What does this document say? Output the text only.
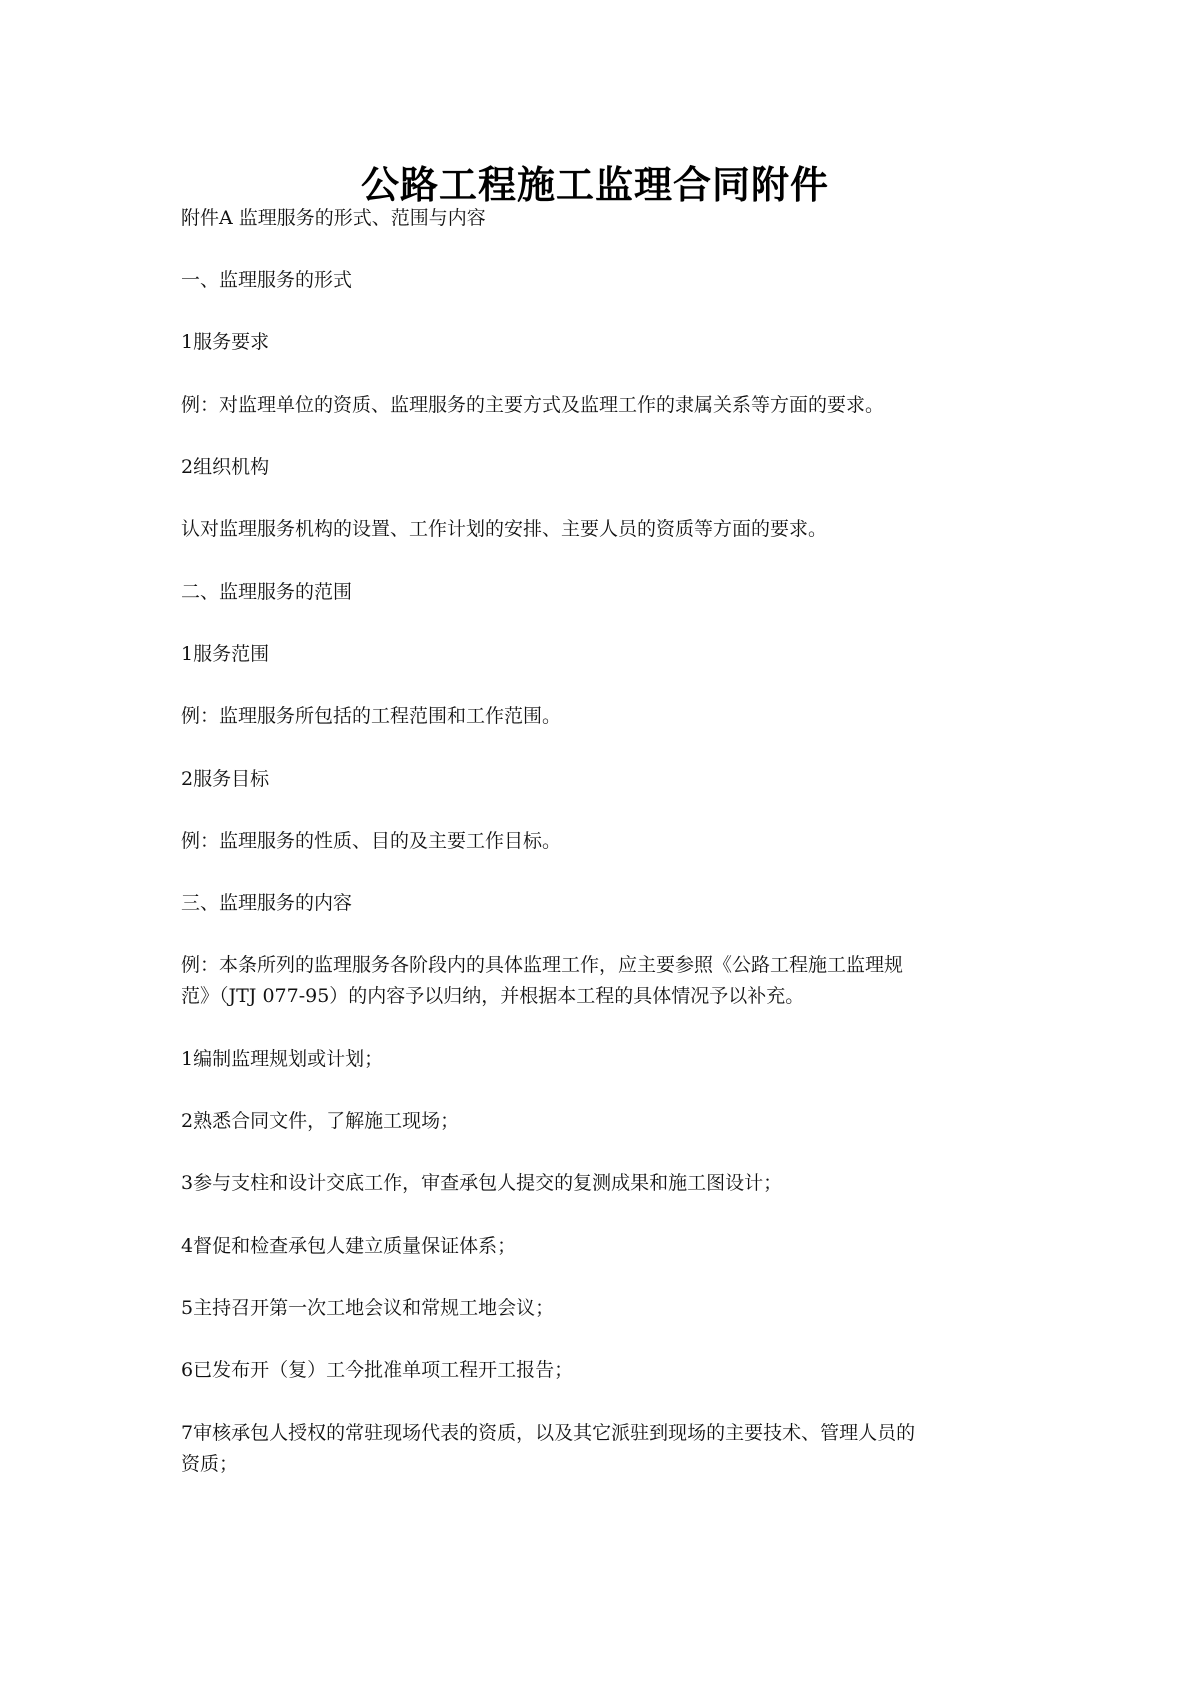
公路工程施工监理合同附件
附件A 监理服务的形式、范围与内容
一、监理服务的形式
1服务要求
例：对监理单位的资质、监理服务的主要方式及监理工作的隶属关系等方面的要求。
2组织机构
认对监理服务机构的设置、工作计划的安排、主要人员的资质等方面的要求。
二、监理服务的范围
1服务范围
例：监理服务所包括的工程范围和工作范围。
2服务目标
例：监理服务的性质、目的及主要工作目标。
三、监理服务的内容
例：本条所列的监理服务各阶段内的具体监理工作，应主要参照《公路工程施工监理规
范》（JTJ 077-95）的内容予以归纳，并根据本工程的具体情况予以补充。
1编制监理规划或计划；
2熟悉合同文件，了解施工现场；
3参与支柱和设计交底工作，审查承包人提交的复测成果和施工图设计；
4督促和检查承包人建立质量保证体系；
5主持召开第一次工地会议和常规工地会议；
6已发布开（复）工今批准单项工程开工报告；
7审核承包人授权的常驻现场代表的资质，以及其它派驻到现场的主要技术、管理人员的
资质；
